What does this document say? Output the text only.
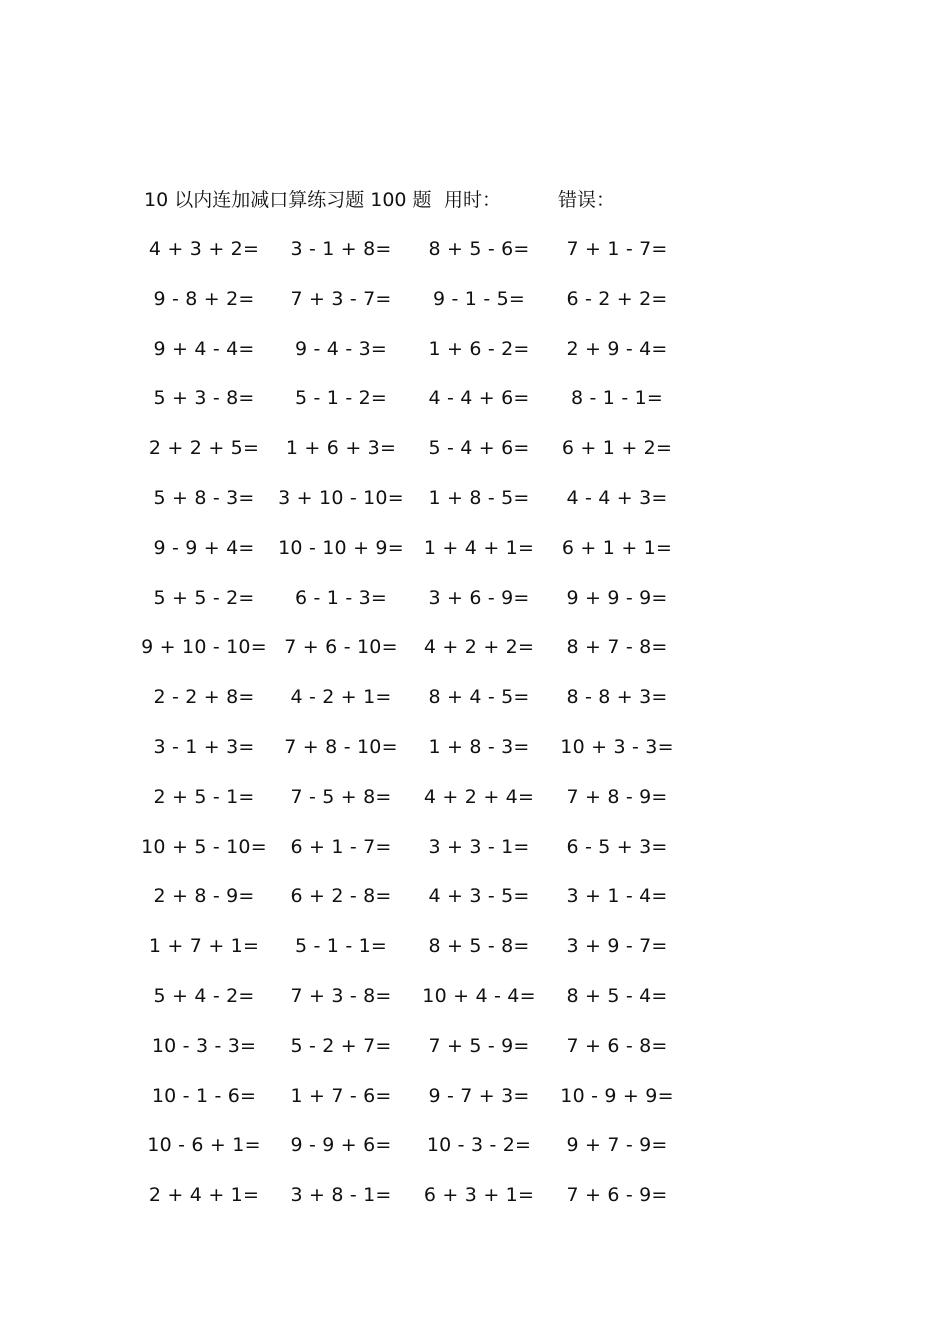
10 以内连加减口算练习题 100 题 用时：	错误：
4 + 3 + 2=	3 - 1 + 8=	8 + 5 - 6=	7 + 1 - 7=
9 - 8 + 2=	7 + 3 - 7=	9 - 1 - 5=	6 - 2 + 2=
9 + 4 - 4=	9 - 4 - 3=	1 + 6 - 2=	2 + 9 - 4=
5 + 3 - 8=	5 - 1 - 2=	4 - 4 + 6=	8 - 1 - 1=
2 + 2 + 5=	1 + 6 + 3=	5 - 4 + 6=	6 + 1 + 2=
5 + 8 - 3=	3 + 10 - 10=	1 + 8 - 5=	4 - 4 + 3=
9 - 9 + 4=	10 - 10 + 9=	1 + 4 + 1=	6 + 1 + 1=
5 + 5 - 2=	6 - 1 - 3=	3 + 6 - 9=	9 + 9 - 9=
9 + 10 - 10= 7 + 6 - 10=	4 + 2 + 2=	8 + 7 - 8=
2 - 2 + 8=	4 - 2 + 1=	8 + 4 - 5=	8 - 8 + 3=
3 - 1 + 3=	7 + 8 - 10=	1 + 8 - 3=	10 + 3 - 3=
2 + 5 - 1=	7 - 5 + 8=	4 + 2 + 4=	7 + 8 - 9=
10 + 5 - 10=	6 + 1 - 7=	3 + 3 - 1=	6 - 5 + 3=
2 + 8 - 9=	6 + 2 - 8=	4 + 3 - 5=	3 + 1 - 4=
1 + 7 + 1=	5 - 1 - 1=	8 + 5 - 8=	3 + 9 - 7=
5 + 4 - 2=	7 + 3 - 8=	10 + 4 - 4=	8 + 5 - 4=
10 - 3 - 3=	5 - 2 + 7=	7 + 5 - 9=	7 + 6 - 8=
10 - 1 - 6=	1 + 7 - 6=	9 - 7 + 3=	10 - 9 + 9=
10 - 6 + 1=	9 - 9 + 6=	10 - 3 - 2=	9 + 7 - 9=
2 + 4 + 1=	3 + 8 - 1=	6 + 3 + 1=	7 + 6 - 9=
